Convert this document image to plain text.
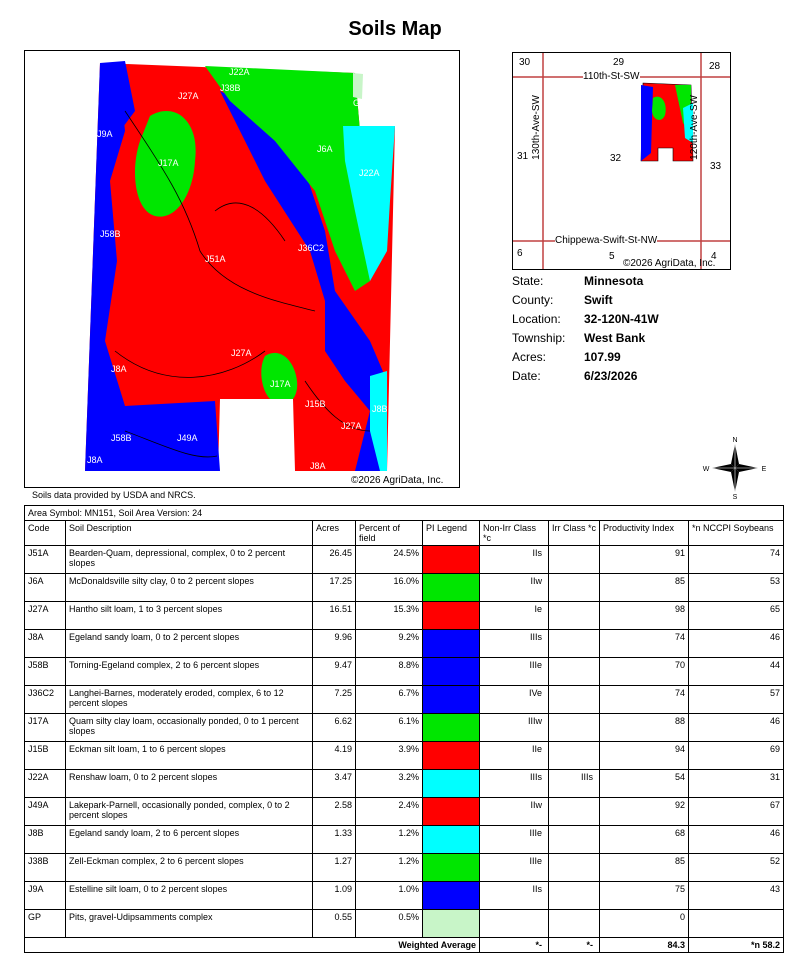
Soils Map
J22A
J38B
GP
J27A
J9A
J17A
J6A
J22A
J58B
J51A
J36C2
J27A
J8A
J17A
J15B	J8B
J58B	J49A
J27A
J8A
J8A
©2026 AgriData, Inc.
30	29	28
31	32
33
6	5	4
110th-St-SW
130th-Ave-SW	120th-Ave-SW
Chippewa-Swift-St-NW
©2026 AgriData, Inc.
State:	Minnesota
County:	Swift
Location:	32-120N-41W
Township:	West Bank
Acres:	107.99
Date:	6/23/2026
N
S
W	E
Soils data provided by USDA and NRCS.
Area Symbol: MN151, Soil Area Version: 24								
Code	Soil Description	Acres	Percent of field	PI Legend	Non-Irr Class *c	Irr Class *c	Productivity Index	*n NCCPI Soybeans
J51A	Bearden-Quam, depressional, complex, 0 to 2 percent slopes	26.45	24.5%		IIs		91	74
J6A	McDonaldsville silty clay, 0 to 2 percent slopes	17.25	16.0%		IIw		85	53
J27A	Hantho silt loam, 1 to 3 percent slopes	16.51	15.3%		Ie		98	65
J8A	Egeland sandy loam, 0 to 2 percent slopes	9.96	9.2%		IIIs		74	46
J58B	Torning-Egeland complex, 2 to 6 percent slopes	9.47	8.8%		IIIe		70	44
J36C2	Langhei-Barnes, moderately eroded, complex, 6 to 12 percent slopes	7.25	6.7%		IVe		74	57
J17A	Quam silty clay loam, occasionally ponded, 0 to 1 percent slopes	6.62	6.1%		IIIw		88	46
J15B	Eckman silt loam, 1 to 6 percent slopes	4.19	3.9%		IIe		94	69
J22A	Renshaw loam, 0 to 2 percent slopes	3.47	3.2%		IIIs	IIIs	54	31
J49A	Lakepark-Parnell, occasionally ponded, complex, 0 to 2 percent slopes	2.58	2.4%		IIw		92	67
J8B	Egeland sandy loam, 2 to 6 percent slopes	1.33	1.2%		IIIe		68	46
J38B	Zell-Eckman complex, 2 to 6 percent slopes	1.27	1.2%		IIIe		85	52
J9A	Estelline silt loam, 0 to 2 percent slopes	1.09	1.0%		IIs		75	43
GP	Pits, gravel-Udipsamments complex	0.55	0.5%				0	
Weighted Average					*-	*-	84.3	*n 58.2
